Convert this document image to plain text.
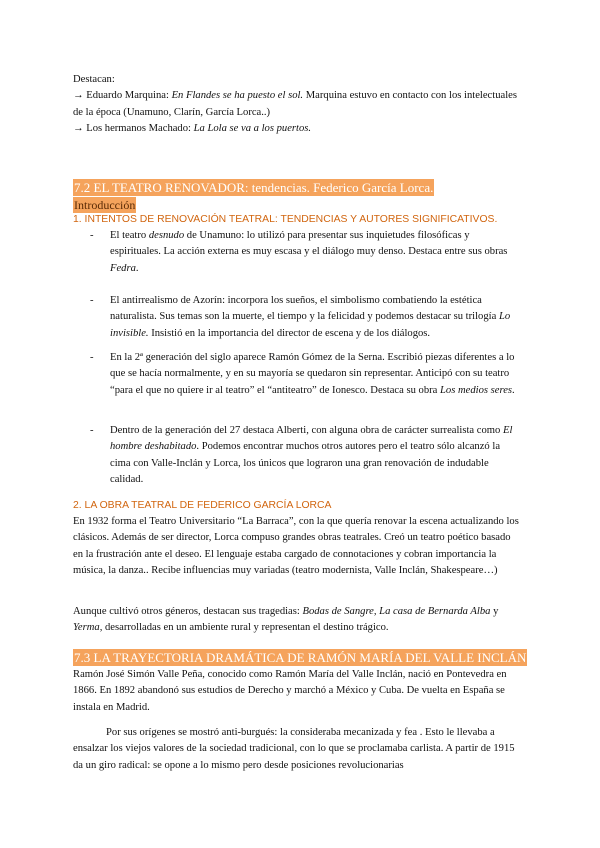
Destacan:

→ Eduardo Marquina: En Flandes se ha puesto el sol. Marquina estuvo en contacto con los intelectuales de la época (Unamuno, Clarín, García Lorca..)

→ Los hermanos Machado: La Lola se va a los puertos.

7.2 EL TEATRO RENOVADOR: tendencias. Federico García Lorca.
Introducción
1. INTENTOS DE RENOVACIÓN TEATRAL: TENDENCIAS Y AUTORES SIGNIFICATIVOS.
- El teatro desnudo de Unamuno: lo utilizó para presentar sus inquietudes filosóficas y espirituales. La acción externa es muy escasa y el diálogo muy denso. Destaca entre sus obras Fedra.
- El antirrealismo de Azorín: incorpora los sueños, el simbolismo combatiendo la estética naturalista. Sus temas son la muerte, el tiempo y la felicidad y podemos destacar su trilogía Lo invisible. Insistió en la importancia del director de escena y de los diálogos.
- En la 2ª generación del siglo aparece Ramón Gómez de la Serna. Escribió piezas diferentes a lo que se hacía normalmente, y en su mayoría se quedaron sin representar. Anticipó con su teatro “para el que no quiere ir al teatro” el “antiteatro” de Ionesco. Destaca su obra Los medios seres.
- Dentro de la generación del 27 destaca Alberti, con alguna obra de carácter surrealista como El hombre deshabitado. Podemos encontrar muchos otros autores pero el teatro sólo alcanzó la cima con Valle-Inclán y Lorca, los únicos que lograron una gran renovación de indudable calidad.
2. LA OBRA TEATRAL DE FEDERICO GARCÍA LORCA
En 1932 forma el Teatro Universitario “La Barraca”, con la que quería renovar la escena actualizando los clásicos. Además de ser director, Lorca compuso grandes obras teatrales. Creó un teatro poético basado en la frustración ante el deseo. El lenguaje estaba cargado de connotaciones y cobran importancia la música, la danza.. Recibe influencias muy variadas (teatro modernista, Valle Inclán, Shakespeare…)
Aunque cultivó otros géneros, destacan sus tragedias: Bodas de Sangre, La casa de Bernarda Alba y Yerma, desarrolladas en un ambiente rural y representan el destino trágico.
7.3 LA TRAYECTORIA DRAMÁTICA DE RAMÓN MARÍA DEL VALLE INCLÁN
Ramón José Simón Valle Peña, conocido como Ramón María del Valle Inclán, nació en Pontevedra en 1866. En 1892 abandonó sus estudios de Derecho y marchó a México y Cuba. De vuelta en España se instala en Madrid.
Por sus orígenes se mostró anti-burgués: la consideraba mecanizada y fea . Esto le llevaba a ensalzar los viejos valores de la sociedad tradicional, con lo que se proclamaba carlista. A partir de 1915 da un giro radical: se opone a lo mismo pero desde posiciones revolucionarias
